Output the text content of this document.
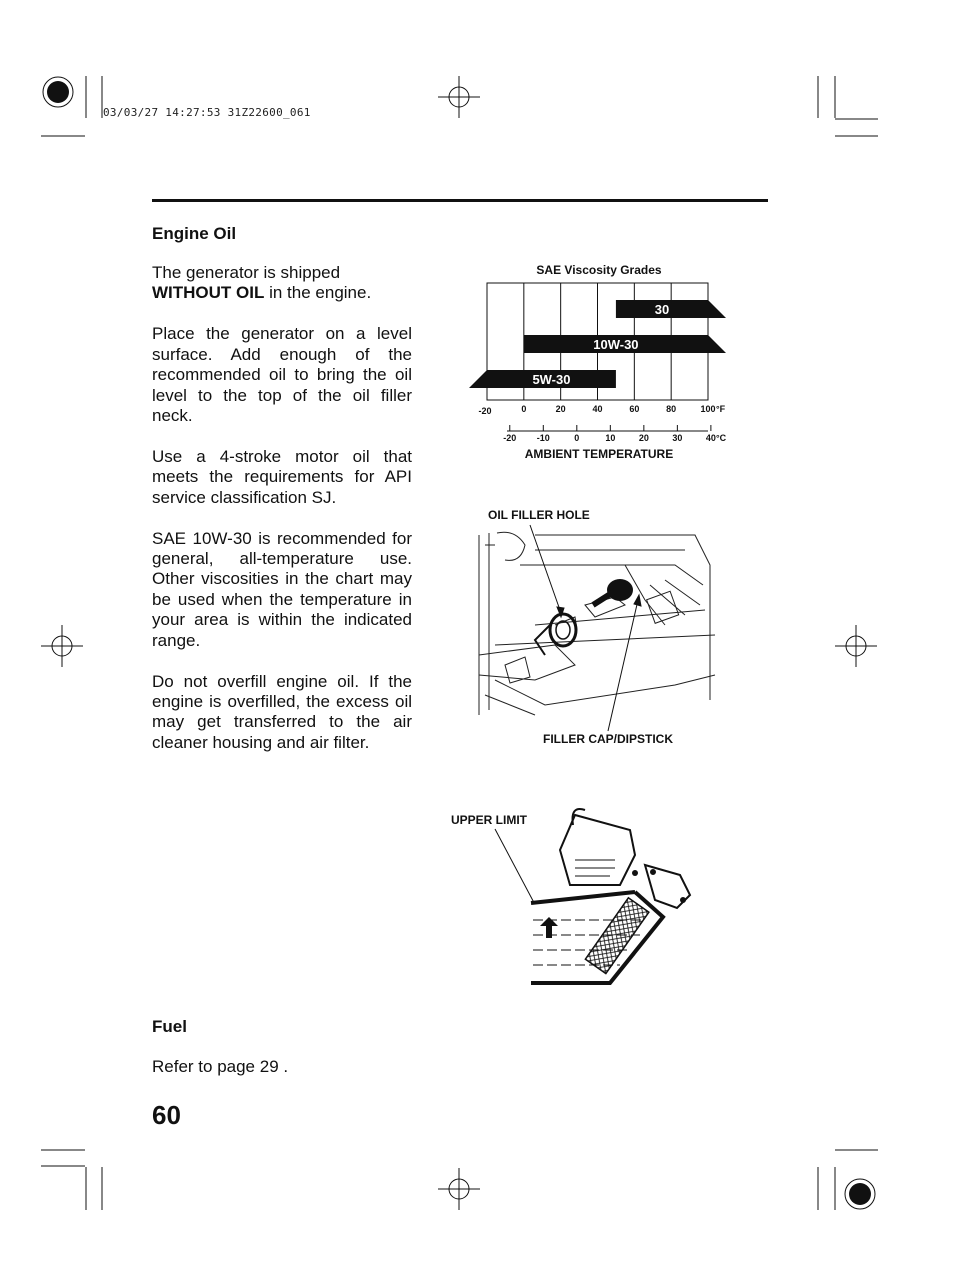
03/03/27 14:27:53 31Z22600_061
Engine Oil

The generator is shipped
WITHOUT OIL in the engine.

Place the generator on a level surface. Add enough of the recommended oil to bring the oil level to the top of the oil filler neck.

Use a 4-stroke motor oil that meets the requirements for API service classification SJ.

SAE 10W-30 is recommended for general, all-temperature use. Other viscosities in the chart may be used when the temperature in your area is within the indicated range.

Do not overfill engine oil. If the engine is overfilled, the excess oil may get transferred to the air cleaner housing and air filter.

SAE Viscosity Grades
30
10W-30
5W-30
-20	0	20	40	60	80	100 °F
-20 -10	0	10	20	30	40 °C
AMBIENT TEMPERATURE
OIL FILLER HOLE
FILLER CAP/DIPSTICK
UPPER LIMIT
Fuel
Refer to page 29 .
60
